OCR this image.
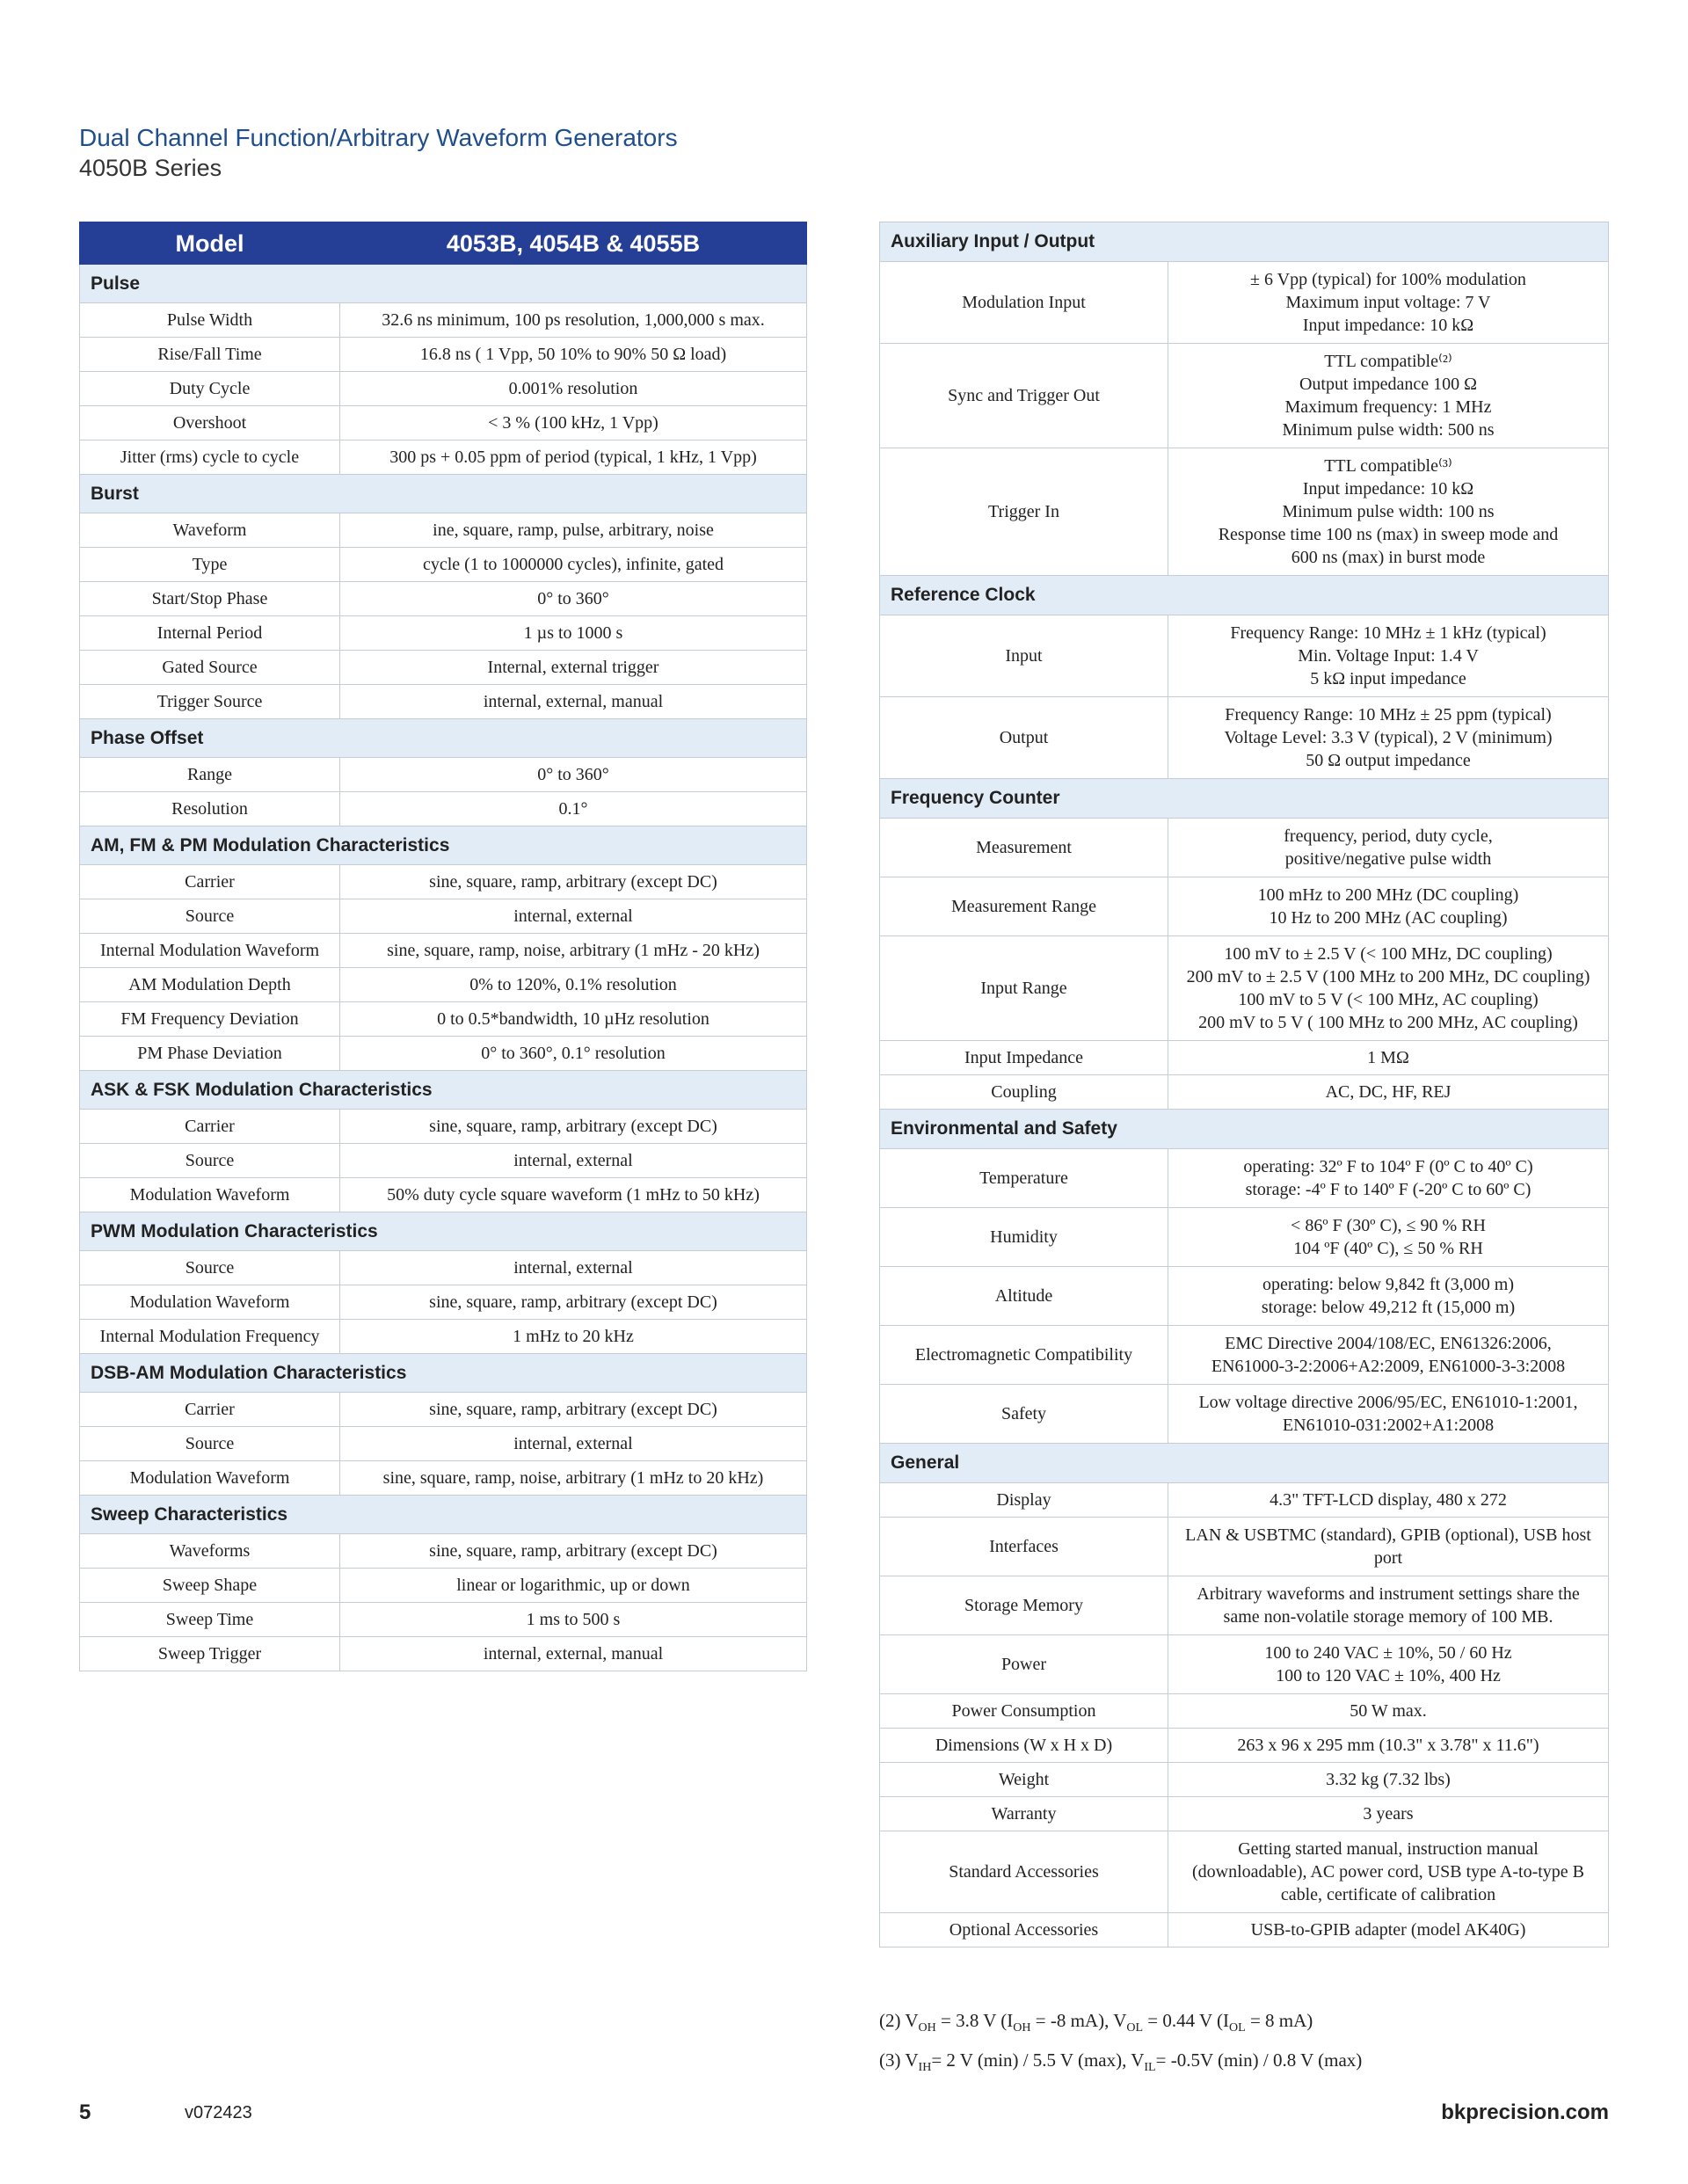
Dual Channel Function/Arbitrary Waveform Generators
4050B Series
Model	4053B, 4054B & 4055B
Pulse	
Pulse Width	32.6 ns minimum, 100 ps resolution, 1,000,000 s max.

Rise/Fall Time	16.8 ns ( 1 Vpp, 50 10% to 90% 50 Ω load)

Duty Cycle	0.001% resolution

Overshoot	< 3 % (100 kHz, 1 Vpp)

Jitter (rms) cycle to cycle	300 ps + 0.05 ppm of period (typical, 1 kHz, 1 Vpp)

Burst	
Waveform	ine, square, ramp, pulse, arbitrary, noise

Type	cycle (1 to 1000000 cycles), infinite, gated

Start/Stop Phase	0° to 360°

Internal Period	1 µs to 1000 s

Gated Source	Internal, external trigger

Trigger Source	internal, external, manual

Phase Offset	
Range	0° to 360°

Resolution	0.1°

AM, FM & PM Modulation Characteristics	
Carrier	sine, square, ramp, arbitrary (except DC)

Source	internal, external

Internal Modulation Waveform	sine, square, ramp, noise, arbitrary (1 mHz - 20 kHz)

AM Modulation Depth	0% to 120%, 0.1% resolution

FM Frequency Deviation	0 to 0.5*bandwidth, 10 µHz resolution

PM Phase Deviation	0° to 360°, 0.1° resolution

ASK & FSK Modulation Characteristics	
Carrier	sine, square, ramp, arbitrary (except DC)

Source	internal, external

Modulation Waveform	50% duty cycle square waveform (1 mHz to 50 kHz)

PWM Modulation Characteristics	
Source	internal, external

Modulation Waveform	sine, square, ramp, arbitrary (except DC)

Internal Modulation Frequency	1 mHz to 20 kHz

DSB-AM Modulation Characteristics	
Carrier	sine, square, ramp, arbitrary (except DC)

Source	internal, external

Modulation Waveform	sine, square, ramp, noise, arbitrary (1 mHz to 20 kHz)

Sweep Characteristics	
Waveforms	sine, square, ramp, arbitrary (except DC)

Sweep Shape	linear or logarithmic, up or down

Sweep Time	1 ms to 500 s

Sweep Trigger	internal, external, manual
Auxiliary Input / Output	
Modulation Input	± 6 Vpp (typical) for 100% modulation
Maximum input voltage: 7 V
Input impedance: 10 kΩ

Sync and Trigger Out	TTL compatible⁽²⁾
Output impedance 100 Ω
Maximum frequency: 1 MHz
Minimum pulse width: 500 ns

Trigger In	TTL compatible⁽³⁾
Input impedance: 10 kΩ
Minimum pulse width: 100 ns
Response time 100 ns (max) in sweep mode and
600 ns (max) in burst mode

Reference Clock	
Input	Frequency Range: 10 MHz ± 1 kHz (typical)
Min. Voltage Input: 1.4 V
5 kΩ input impedance

Output	Frequency Range: 10 MHz ± 25 ppm (typical)
Voltage Level: 3.3 V (typical), 2 V (minimum)
50 Ω output impedance

Frequency Counter	
Measurement	frequency, period, duty cycle,
positive/negative pulse width

Measurement Range	100 mHz to 200 MHz (DC coupling)
10 Hz to 200 MHz (AC coupling)

Input Range	100 mV to ± 2.5 V (< 100 MHz, DC coupling)
200 mV to ± 2.5 V (100 MHz to 200 MHz, DC coupling)
100 mV to 5 V (< 100 MHz, AC coupling)
200 mV to 5 V ( 100 MHz to 200 MHz, AC coupling)

Input Impedance	1 MΩ

Coupling	AC, DC, HF, REJ

Environmental and Safety	
Temperature	operating: 32º F to 104º F (0º C to 40º C)
storage: -4º F to 140º F (-20º C to 60º C)

Humidity	< 86º F (30º C), ≤ 90 % RH
104 ºF (40º C), ≤ 50 % RH

Altitude	operating: below 9,842 ft (3,000 m)
storage: below 49,212 ft (15,000 m)

Electromagnetic Compatibility	EMC Directive 2004/108/EC, EN61326:2006,
EN61000-3-2:2006+A2:2009, EN61000-3-3:2008

Safety	Low voltage directive 2006/95/EC, EN61010-1:2001,
EN61010-031:2002+A1:2008

General	
Display	4.3" TFT-LCD display, 480 x 272

Interfaces	LAN & USBTMC (standard), GPIB (optional), USB host
port

Storage Memory	Arbitrary waveforms and instrument settings share the
same non-volatile storage memory of 100 MB.

Power	100 to 240 VAC ± 10%, 50 / 60 Hz
100 to 120 VAC ± 10%, 400 Hz

Power Consumption	50 W max.

Dimensions (W x H x D)	263 x 96 x 295 mm (10.3" x 3.78" x 11.6")

Weight	3.32 kg (7.32 lbs)

Warranty	3 years

Standard Accessories	Getting started manual, instruction manual
(downloadable), AC power cord, USB type A-to-type B
cable, certificate of calibration

Optional Accessories	USB-to-GPIB adapter (model AK40G)
(2) $V_{OH} = 3.8$ V ($I_{OH} = -8$ mA), $V_{OL} = 0.44$ V ($I_{OL} = 8$ mA)
(3) $V_{IH}= 2$ V (min) / 5.5 V (max), $V_{IL}= -0.5V$ (min) / 0.8 V (max)
5	v072423	bkprecision.com
